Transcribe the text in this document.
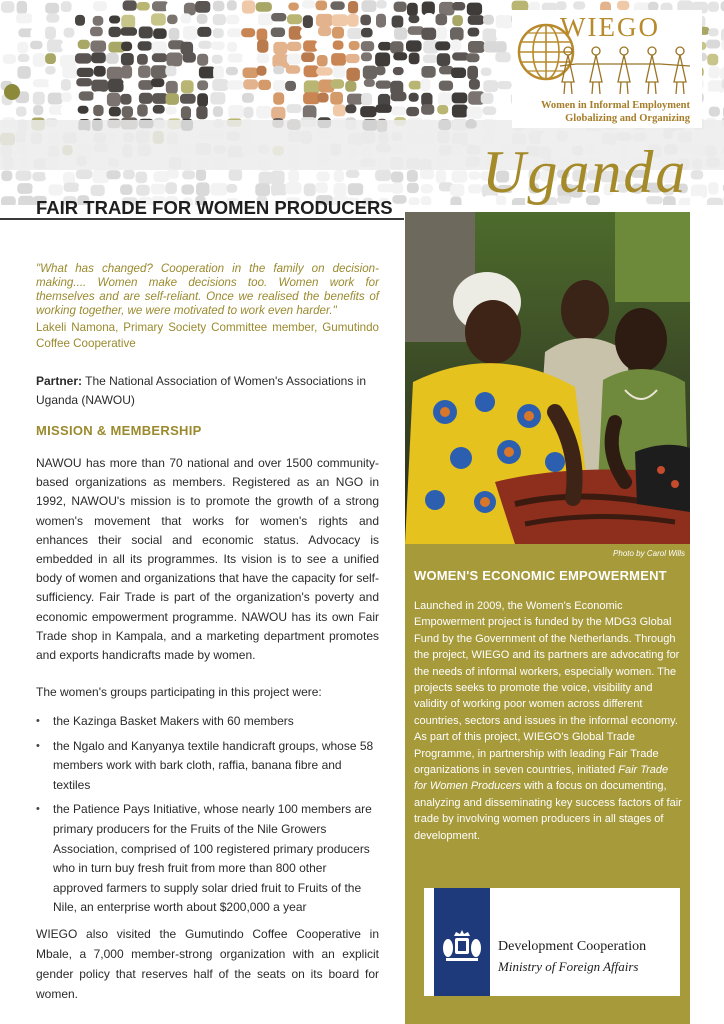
WIEGO
Women in Informal Employment
Globalizing and Organizing
Uganda
FAIR TRADE FOR WOMEN PRODUCERS

"What has changed? Cooperation in the family on decision-making.... Women make decisions too. Women work for themselves and are self-reliant. Once we realised the benefits of working together, we were motivated to work even harder."

Lakeli Namona, Primary Society Committee member, Gumutindo Coffee Cooperative

Partner: The National Association of Women's Associations in Uganda (NAWOU)

MISSION & MEMBERSHIP

NAWOU has more than 70 national and over 1500 community-based organizations as members. Registered as an NGO in 1992, NAWOU's mission is to promote the growth of a strong women's movement that works for women's rights and enhances their social and economic status. Advocacy is embedded in all its programmes. Its vision is to see a unified body of women and organizations that have the capacity for self-sufficiency. Fair Trade is part of the organization's poverty and economic empowerment programme. NAWOU has its own Fair Trade shop in Kampala, and a marketing department promotes and exports handicrafts made by women.

The women's groups participating in this project were:

• the Kazinga Basket Makers with 60 members
• the Ngalo and Kanyanya textile handicraft groups, whose 58 members work with bark cloth, raffia, banana fibre and textiles
• the Patience Pays Initiative, whose nearly 100 members are primary producers for the Fruits of the Nile Growers Association, comprised of 100 registered primary producers who in turn buy fresh fruit from more than 800 other approved farmers to supply solar dried fruit to Fruits of the Nile, an enterprise worth about $200,000 a year

WIEGO also visited the Gumutindo Coffee Cooperative in Mbale, a 7,000 member-strong organization with an explicit gender policy that reserves half of the seats on its board for women.

Photo by Carol Wills

WOMEN'S ECONOMIC EMPOWERMENT

Launched in 2009, the Women's Economic Empowerment project is funded by the MDG3 Global Fund by the Government of the Netherlands. Through the project, WIEGO and its partners are advocating for the needs of informal workers, especially women. The projects seeks to promote the voice, visibility and validity of working poor women across different countries, sectors and issues in the informal economy. As part of this project, WIEGO's Global Trade Programme, in partnership with leading Fair Trade organizations in seven countries, initiated Fair Trade for Women Producers with a focus on documenting, analyzing and disseminating key success factors of fair trade by involving women producers in all stages of development.

Development Cooperation
Ministry of Foreign Affairs
